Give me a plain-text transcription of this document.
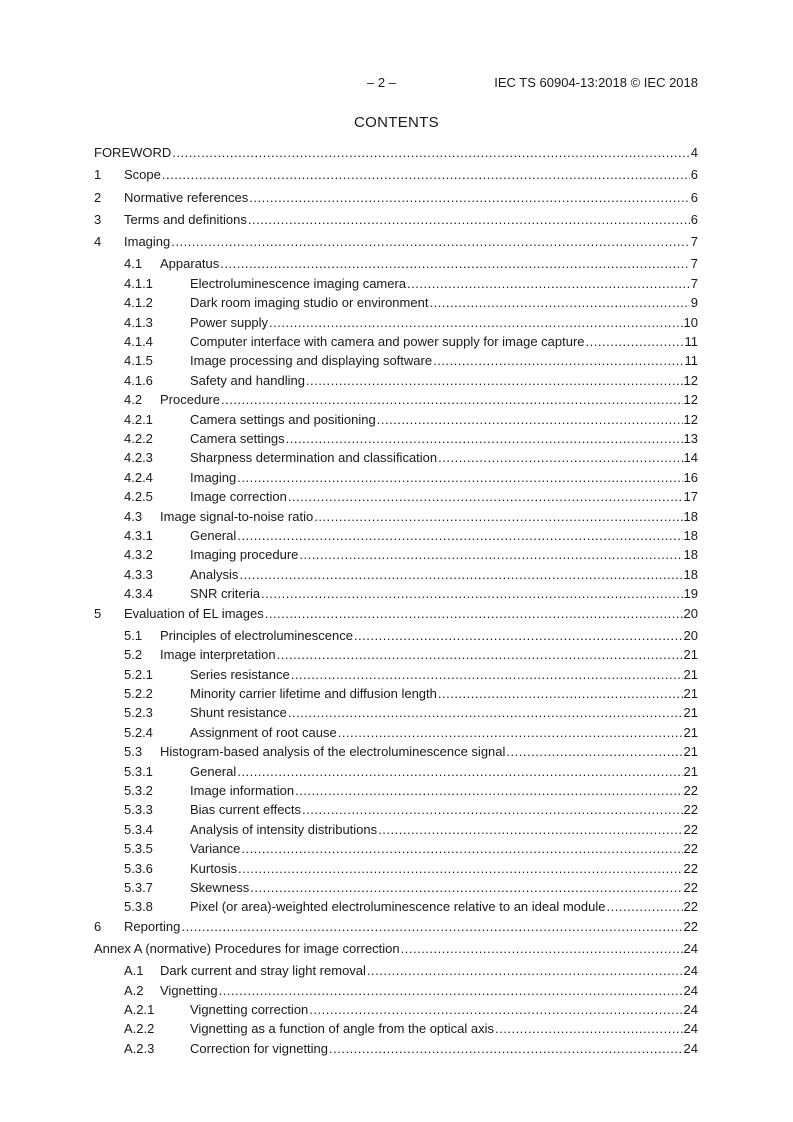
– 2 –	IEC TS 60904-13:2018 © IEC 2018
CONTENTS
FOREWORD .....	4
1	Scope .....	6
2	Normative references .....	6
3	Terms and definitions .....	6
4	Imaging .....	7
4.1	Apparatus .....	7
4.1.1	Electroluminescence imaging camera .....	7
4.1.2	Dark room imaging studio or environment .....	9
4.1.3	Power supply .....	10
4.1.4	Computer interface with camera and power supply for image capture .....	11
4.1.5	Image processing and displaying software .....	11
4.1.6	Safety and handling .....	12
4.2	Procedure .....	12
4.2.1	Camera settings and positioning .....	12
4.2.2	Camera settings .....	13
4.2.3	Sharpness determination and classification .....	14
4.2.4	Imaging .....	16
4.2.5	Image correction .....	17
4.3	Image signal-to-noise ratio .....	18
4.3.1	General .....	18
4.3.2	Imaging procedure .....	18
4.3.3	Analysis .....	18
4.3.4	SNR criteria .....	19
5	Evaluation of EL images .....	20
5.1	Principles of electroluminescence .....	20
5.2	Image interpretation .....	21
5.2.1	Series resistance .....	21
5.2.2	Minority carrier lifetime and diffusion length .....	21
5.2.3	Shunt resistance .....	21
5.2.4	Assignment of root cause .....	21
5.3	Histogram-based analysis of the electroluminescence signal .....	21
5.3.1	General .....	21
5.3.2	Image information .....	22
5.3.3	Bias current effects .....	22
5.3.4	Analysis of intensity distributions .....	22
5.3.5	Variance .....	22
5.3.6	Kurtosis .....	22
5.3.7	Skewness .....	22
5.3.8	Pixel (or area)-weighted electroluminescence relative to an ideal module .....	22
6	Reporting .....	22
Annex A (normative) Procedures for image correction .....	24
A.1	Dark current and stray light removal .....	24
A.2	Vignetting .....	24
A.2.1	Vignetting correction .....	24
A.2.2	Vignetting as a function of angle from the optical axis .....	24
A.2.3	Correction for vignetting .....	24
